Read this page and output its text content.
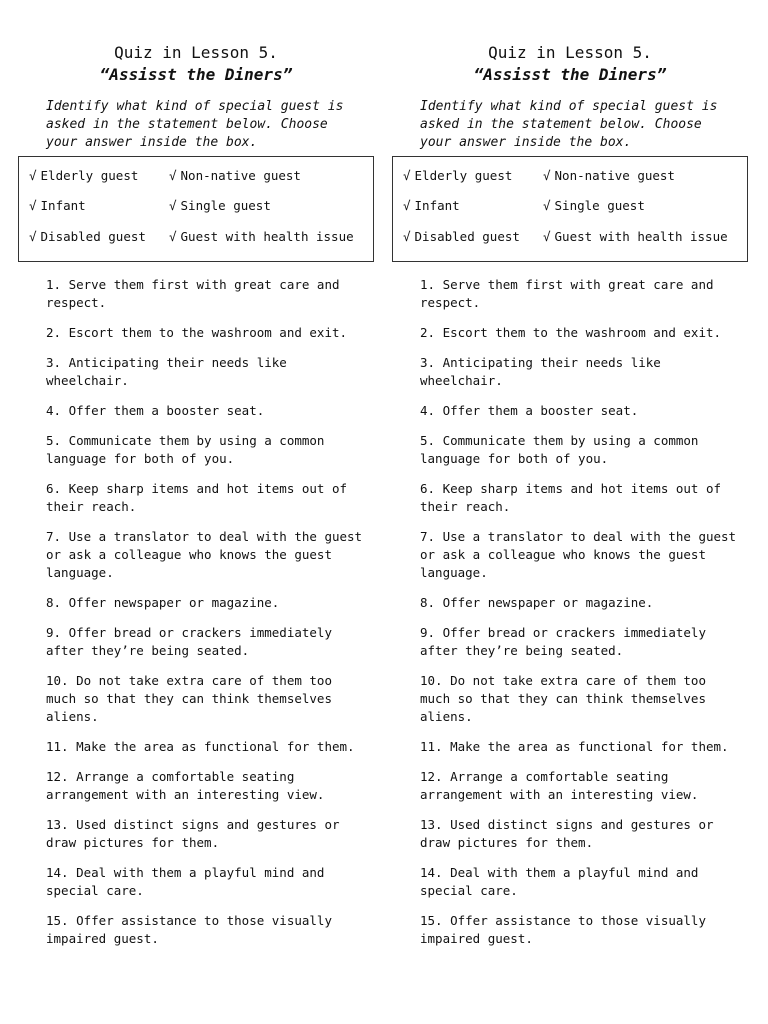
Quiz in Lesson 5.
“Assisst the Diners”
Identify what kind of special guest is asked in the statement below. Choose your answer inside the box.
√ Elderly guest	√ Non-native guest
√ Infant	√ Single guest
√ Disabled guest	√ Guest with health issue
1. Serve them first with great care and respect.
2. Escort them to the washroom and exit.
3. Anticipating their needs like wheelchair.
4. Offer them a booster seat.
5. Communicate them by using a common language for both of you.
6. Keep sharp items and hot items out of their reach.
7. Use a translator to deal with the guest or ask a colleague who knows the guest language.
8. Offer newspaper or magazine.
9. Offer bread or crackers immediately after they’re being seated.
10. Do not take extra care of them too much so that they can think themselves aliens.
11. Make the area as functional for them.
12. Arrange a comfortable seating arrangement with an interesting view.
13. Used distinct signs and gestures or draw pictures for them.
14. Deal with them a playful mind and special care.
15. Offer assistance to those visually impaired guest.
Quiz in Lesson 5.
“Assisst the Diners”
Identify what kind of special guest is asked in the statement below. Choose your answer inside the box.
√ Elderly guest	√ Non-native guest
√ Infant	√ Single guest
√ Disabled guest	√ Guest with health issue
1. Serve them first with great care and respect.
2. Escort them to the washroom and exit.
3. Anticipating their needs like wheelchair.
4. Offer them a booster seat.
5. Communicate them by using a common language for both of you.
6. Keep sharp items and hot items out of their reach.
7. Use a translator to deal with the guest or ask a colleague who knows the guest language.
8. Offer newspaper or magazine.
9. Offer bread or crackers immediately after they’re being seated.
10. Do not take extra care of them too much so that they can think themselves aliens.
11. Make the area as functional for them.
12. Arrange a comfortable seating arrangement with an interesting view.
13. Used distinct signs and gestures or draw pictures for them.
14. Deal with them a playful mind and special care.
15. Offer assistance to those visually impaired guest.
